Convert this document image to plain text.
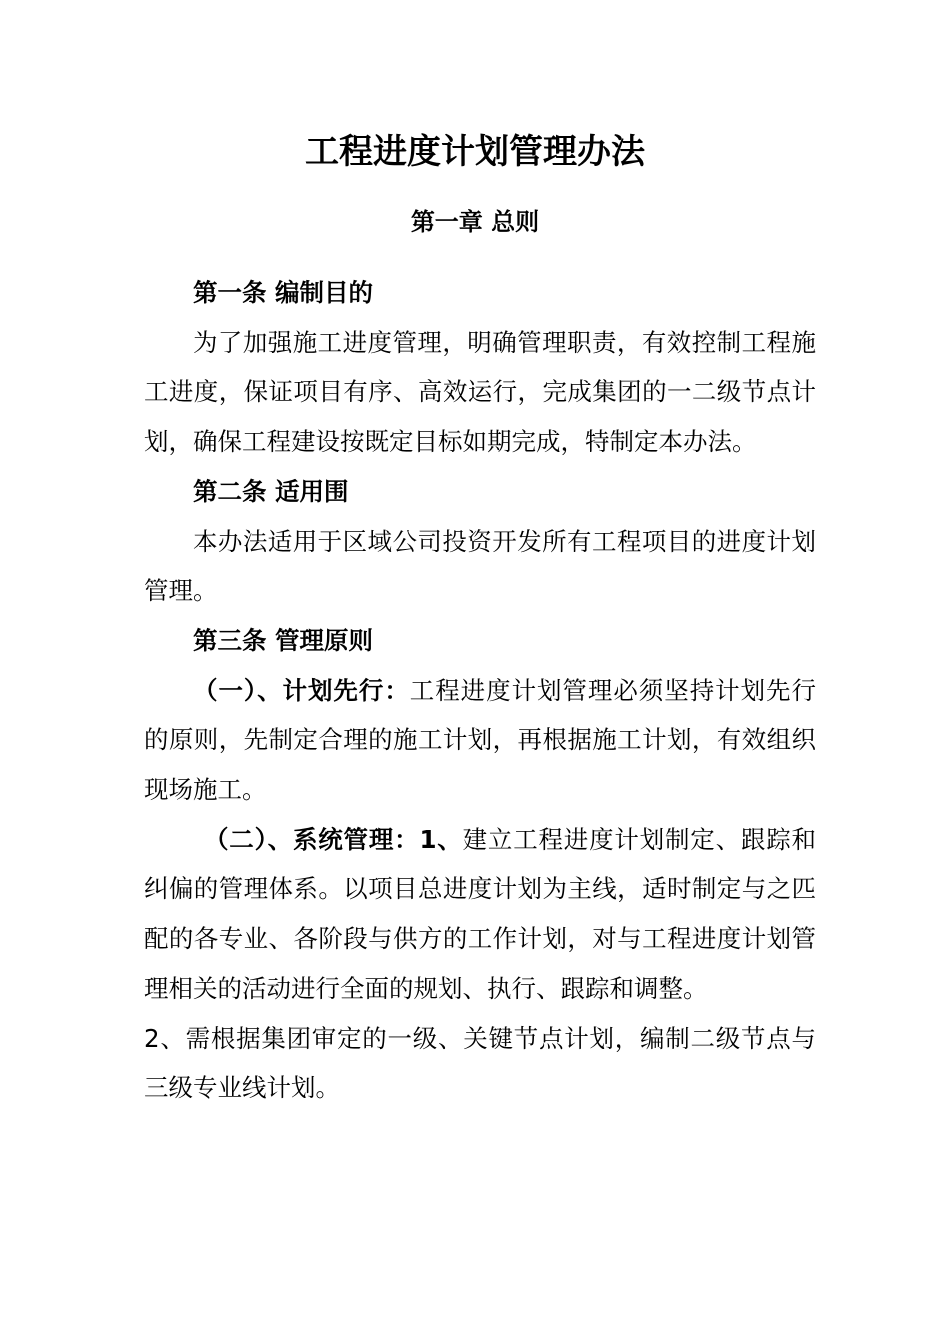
工程进度计划管理办法
第一章 总则

第一条 编制目的

为了加强施工进度管理，明确管理职责，有效控制工程施工进度，保证项目有序、高效运行，完成集团的一二级节点计划，确保工程建设按既定目标如期完成，特制定本办法。

第二条 适用围

本办法适用于区域公司投资开发所有工程项目的进度计划管理。

第三条 管理原则

（一）、计划先行：工程进度计划管理必须坚持计划先行的原则，先制定合理的施工计划，再根据施工计划，有效组织现场施工。

（二）、系统管理：1、建立工程进度计划制定、跟踪和纠偏的管理体系。以项目总进度计划为主线，适时制定与之匹配的各专业、各阶段与供方的工作计划，对与工程进度计划管理相关的活动进行全面的规划、执行、跟踪和调整。

2、需根据集团审定的一级、关键节点计划，编制二级节点与三级专业线计划。
